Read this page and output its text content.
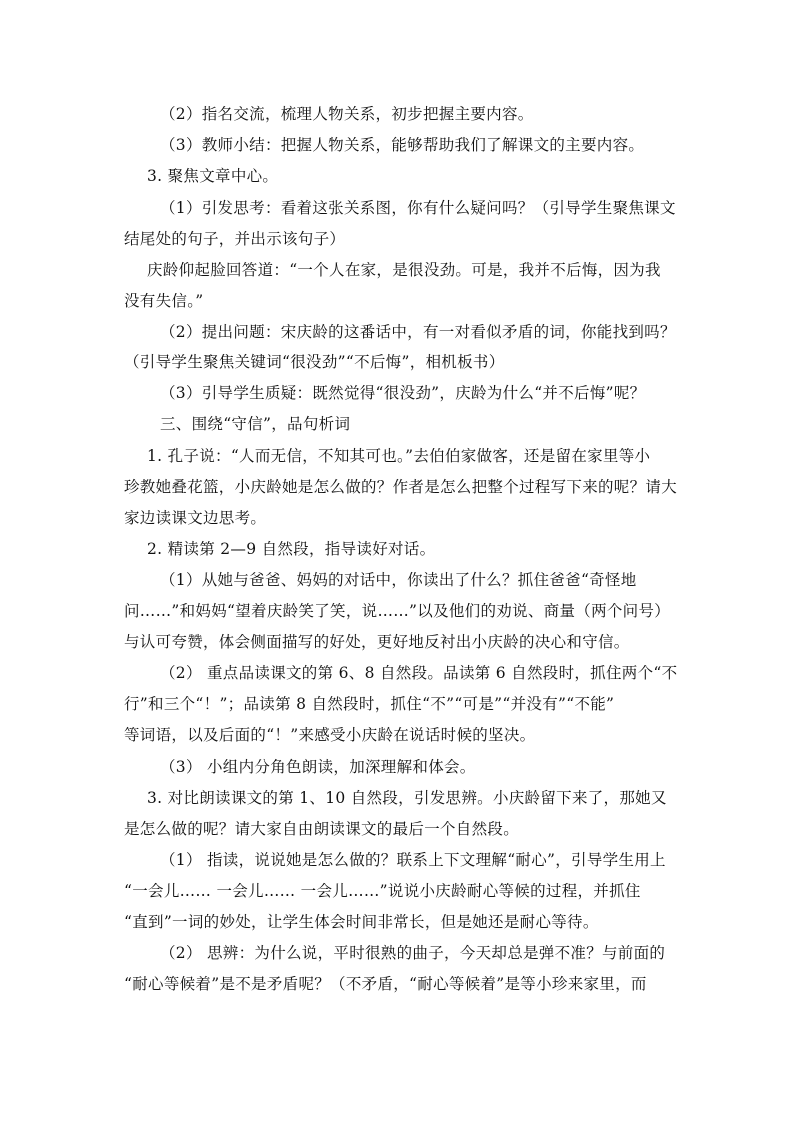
（2）指名交流，梳理人物关系，初步把握主要内容。
（3）教师小结：把握人物关系，能够帮助我们了解课文的主要内容。
3. 聚焦文章中心。
（1）引发思考：看着这张关系图，你有什么疑问吗？（引导学生聚焦课文
结尾处的句子，并出示该句子）
庆龄仰起脸回答道：“一个人在家，是很没劲。可是，我并不后悔，因为我
没有失信。”
（2）提出问题：宋庆龄的这番话中，有一对看似矛盾的词，你能找到吗？
（引导学生聚焦关键词“很没劲”“不后悔”，相机板书）
（3）引导学生质疑：既然觉得“很没劲”，庆龄为什么“并不后悔”呢？
三、围绕“守信”，品句析词
1. 孔子说：“人而无信，不知其可也。”去伯伯家做客，还是留在家里等小
珍教她叠花篮，小庆龄她是怎么做的？作者是怎么把整个过程写下来的呢？请大
家边读课文边思考。
2. 精读第 2—9 自然段，指导读好对话。
（1）从她与爸爸、妈妈的对话中，你读出了什么？抓住爸爸“奇怪地
问……”和妈妈“望着庆龄笑了笑，说……”以及他们的劝说、商量（两个问号）
与认可夸赞，体会侧面描写的好处，更好地反衬出小庆龄的决心和守信。
（2） 重点品读课文的第 6、8 自然段。品读第 6 自然段时，抓住两个“不
行”和三个“！”；品读第 8 自然段时，抓住“不”“可是”“并没有”“不能”
等词语，以及后面的“！”来感受小庆龄在说话时候的坚决。
（3） 小组内分角色朗读，加深理解和体会。
3. 对比朗读课文的第 1、10 自然段，引发思辨。小庆龄留下来了，那她又
是怎么做的呢？请大家自由朗读课文的最后一个自然段。
（1） 指读，说说她是怎么做的？联系上下文理解“耐心”，引导学生用上
“一会儿…… 一会儿…… 一会儿……”说说小庆龄耐心等候的过程，并抓住
“直到”一词的妙处，让学生体会时间非常长，但是她还是耐心等待。
（2） 思辨：为什么说，平时很熟的曲子，今天却总是弹不准？与前面的
“耐心等候着”是不是矛盾呢？（不矛盾，“耐心等候着”是等小珍来家里，而
